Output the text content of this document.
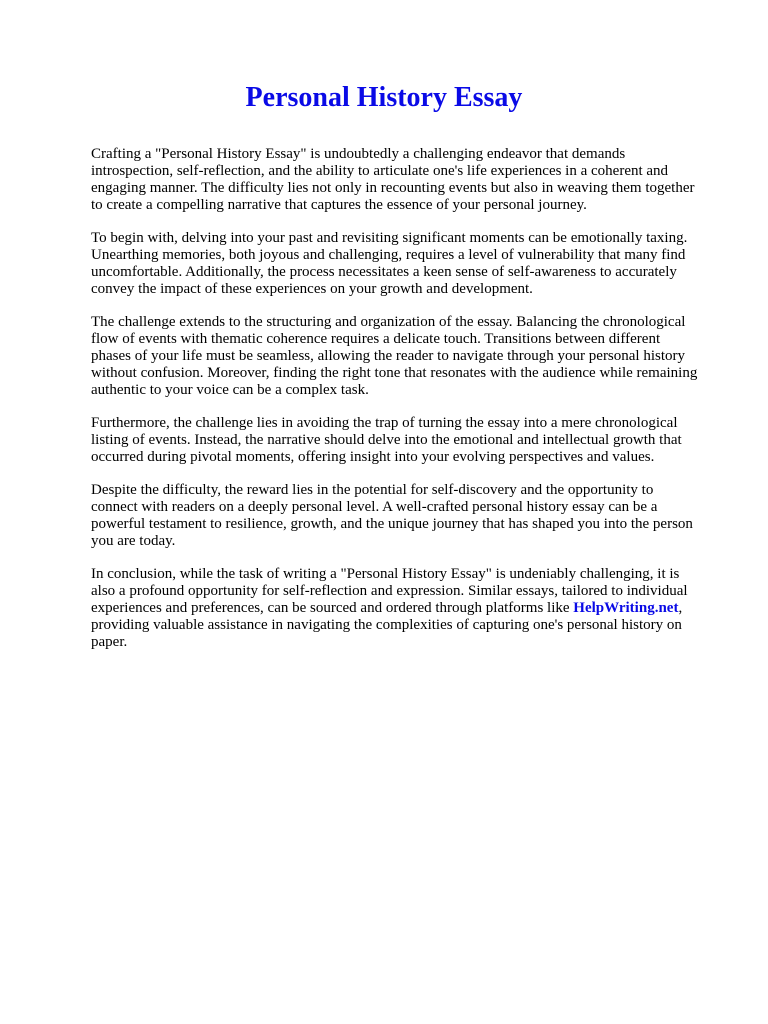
Personal History Essay

Crafting a "Personal History Essay" is undoubtedly a challenging endeavor that demands
introspection, self-reflection, and the ability to articulate one's life experiences in a coherent and
engaging manner. The difficulty lies not only in recounting events but also in weaving them together
to create a compelling narrative that captures the essence of your personal journey.

To begin with, delving into your past and revisiting significant moments can be emotionally taxing.
Unearthing memories, both joyous and challenging, requires a level of vulnerability that many find
uncomfortable. Additionally, the process necessitates a keen sense of self-awareness to accurately
convey the impact of these experiences on your growth and development.

The challenge extends to the structuring and organization of the essay. Balancing the chronological
flow of events with thematic coherence requires a delicate touch. Transitions between different
phases of your life must be seamless, allowing the reader to navigate through your personal history
without confusion. Moreover, finding the right tone that resonates with the audience while remaining
authentic to your voice can be a complex task.

Furthermore, the challenge lies in avoiding the trap of turning the essay into a mere chronological
listing of events. Instead, the narrative should delve into the emotional and intellectual growth that
occurred during pivotal moments, offering insight into your evolving perspectives and values.

Despite the difficulty, the reward lies in the potential for self-discovery and the opportunity to
connect with readers on a deeply personal level. A well-crafted personal history essay can be a
powerful testament to resilience, growth, and the unique journey that has shaped you into the person
you are today.

In conclusion, while the task of writing a "Personal History Essay" is undeniably challenging, it is
also a profound opportunity for self-reflection and expression. Similar essays, tailored to individual
experiences and preferences, can be sourced and ordered through platforms like HelpWriting.net,
providing valuable assistance in navigating the complexities of capturing one's personal history on
paper.
